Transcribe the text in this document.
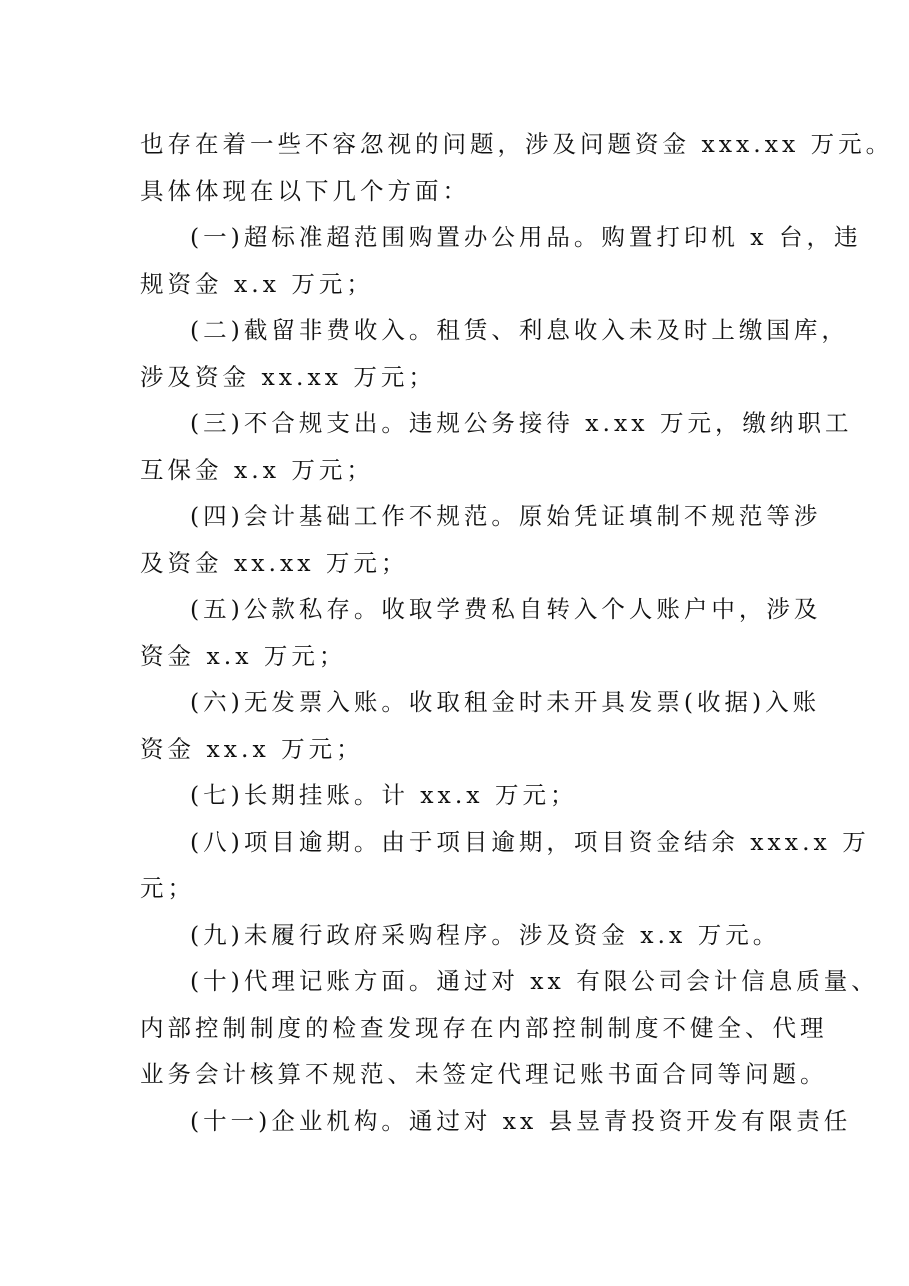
也存在着一些不容忽视的问题，涉及问题资金 xxx.xx 万元。
具体体现在以下几个方面：
(一)超标准超范围购置办公用品。购置打印机 x 台，违
规资金 x.x 万元；
(二)截留非费收入。租赁、利息收入未及时上缴国库，
涉及资金 xx.xx 万元；
(三)不合规支出。违规公务接待 x.xx 万元，缴纳职工
互保金 x.x 万元；
(四)会计基础工作不规范。原始凭证填制不规范等涉
及资金 xx.xx 万元；
(五)公款私存。收取学费私自转入个人账户中，涉及
资金 x.x 万元；
(六)无发票入账。收取租金时未开具发票(收据)入账
资金 xx.x 万元；
(七)长期挂账。计 xx.x 万元；
(八)项目逾期。由于项目逾期，项目资金结余 xxx.x 万
元；
(九)未履行政府采购程序。涉及资金 x.x 万元。
(十)代理记账方面。通过对 xx 有限公司会计信息质量、
内部控制制度的检查发现存在内部控制制度不健全、代理
业务会计核算不规范、未签定代理记账书面合同等问题。
(十一)企业机构。通过对 xx 县昱青投资开发有限责任
